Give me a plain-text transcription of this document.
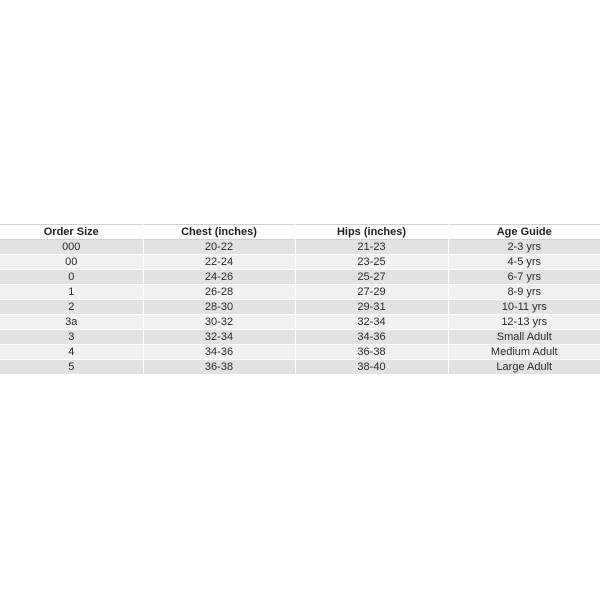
Order Size	Chest (inches)	Hips (inches)	Age Guide
000	20-22	21-23	2-3 yrs
00	22-24	23-25	4-5 yrs
0	24-26	25-27	6-7 yrs
1	26-28	27-29	8-9 yrs
2	28-30	29-31	10-11 yrs
3a	30-32	32-34	12-13 yrs
3	32-34	34-36	Small Adult
4	34-36	36-38	Medium Adult
5	36-38	38-40	Large Adult
